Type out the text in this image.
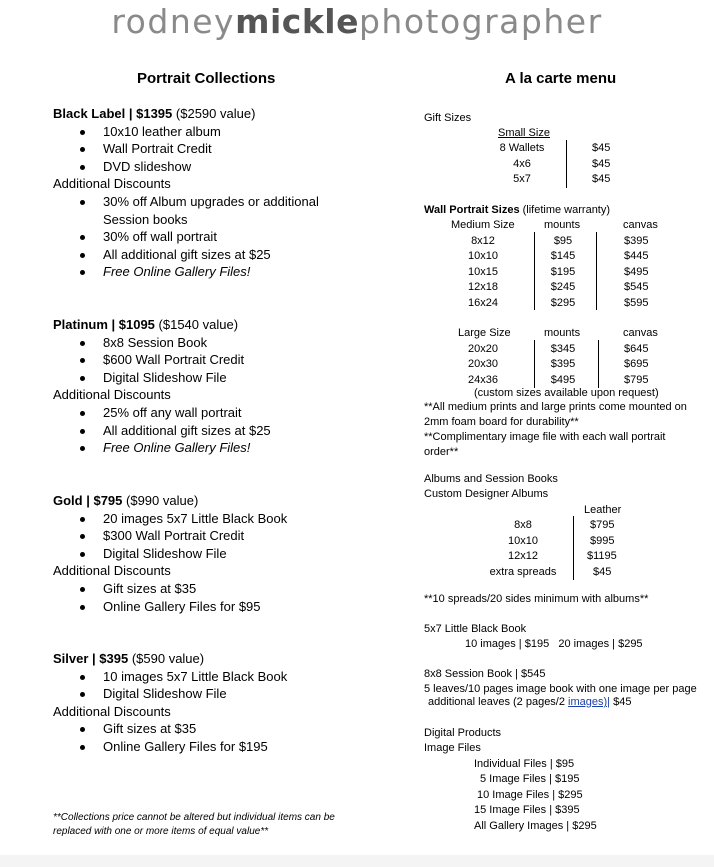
rodneymicklephotographer
Portrait Collections
Black Label | $1395 ($2590 value)
10x10 leather album
Wall Portrait Credit
DVD slideshow
Additional Discounts
30% off Album upgrades or additional
Session books
30% off wall portrait
All additional gift sizes at $25
Free Online Gallery Files!
Platinum | $1095 ($1540 value)
8x8 Session Book
$600 Wall Portrait Credit
Digital Slideshow File
Additional Discounts
25% off any wall portrait
All additional gift sizes at $25
Free Online Gallery Files!
Gold | $795 ($990 value)
20 images 5x7 Little Black Book
$300 Wall Portrait Credit
Digital Slideshow File
Additional Discounts
Gift sizes at $35
Online Gallery Files for $95
Silver | $395 ($590 value)
10 images 5x7 Little Black Book
Digital Slideshow File
Additional Discounts
Gift sizes at $35
Online Gallery Files for $195
**Collections price cannot be altered but individual items can be
replaced with one or more items of equal value**
A la carte menu
Gift Sizes
Small Size
8 Wallets	$45
4x6	$45
5x7	$45
Wall Portrait Sizes (lifetime warranty)
Medium Size	mounts	canvas
8x12	$95	$395
10x10	$145	$445
10x15	$195	$495
12x18	$245	$545
16x24	$295	$595
Large Size	mounts	canvas
20x20	$345	$645
20x30	$395	$695
24x36	$495	$795
(custom sizes available upon request)
**All medium prints and large prints come mounted on
2mm foam board for durability**
**Complimentary image file with each wall portrait
order**
Albums and Session Books
Custom Designer Albums
Leather
8x8	$795
10x10	$995
12x12	$1195
extra spreads	$45
**10 spreads/20 sides minimum with albums**
5x7 Little Black Book
10 images | $195   20 images | $295
8x8 Session Book | $545
5 leaves/10 pages image book with one image per page
additional leaves (2 pages/2 images)| $45
Digital Products
Image Files
Individual Files | $95
5 Image Files | $195
10 Image Files | $295
15 Image Files | $395
All Gallery Images | $295
